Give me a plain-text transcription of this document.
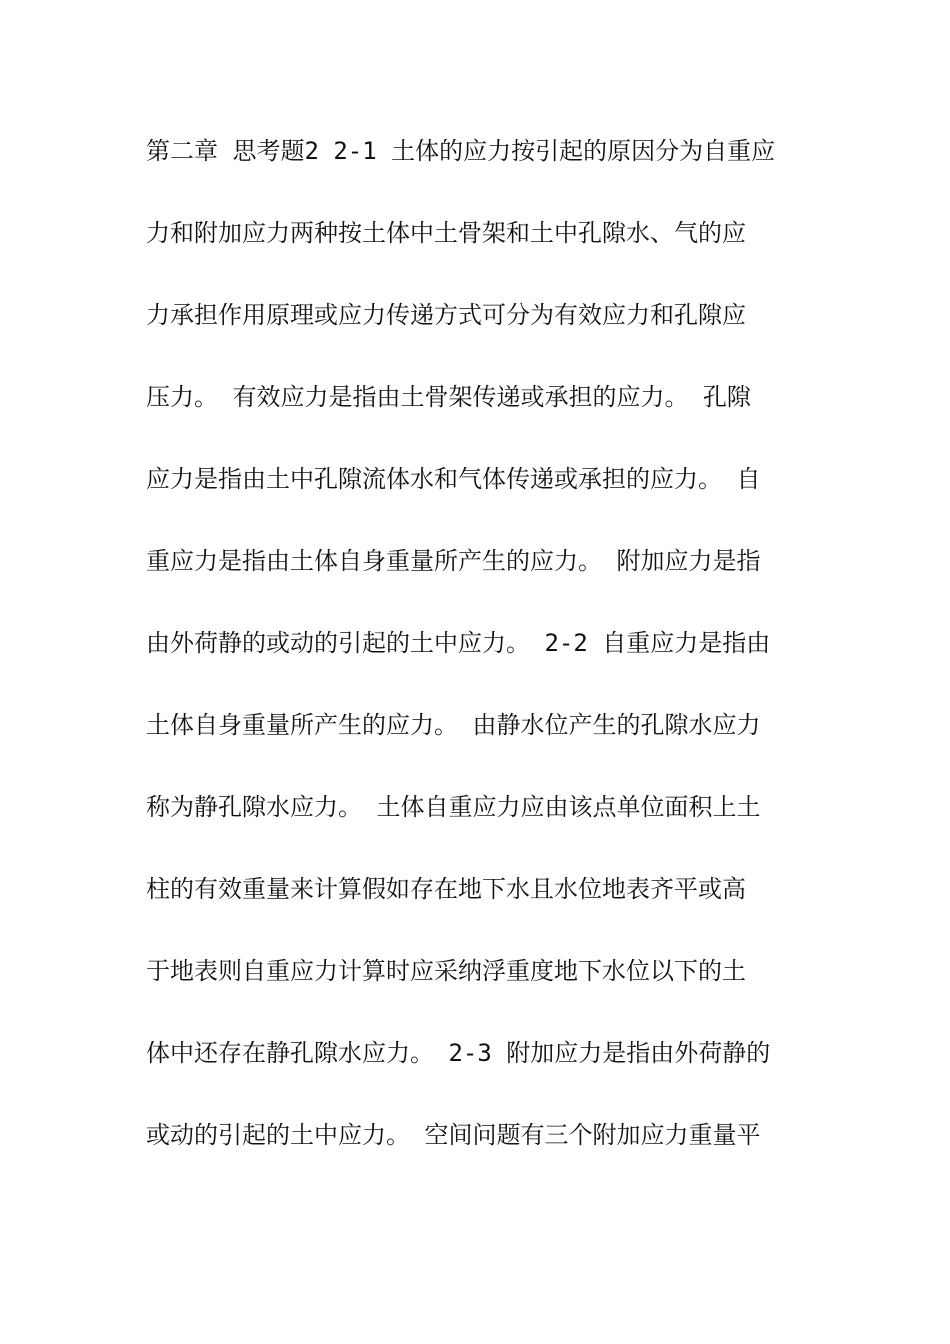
第二章 思考题2 2-1 土体的应力按引起的原因分为自重应
力和附加应力两种按土体中土骨架和土中孔隙水、气的应
力承担作用原理或应力传递方式可分为有效应力和孔隙应
压力。 有效应力是指由土骨架传递或承担的应力。 孔隙
应力是指由土中孔隙流体水和气体传递或承担的应力。 自
重应力是指由土体自身重量所产生的应力。 附加应力是指
由外荷静的或动的引起的土中应力。 2-2 自重应力是指由
土体自身重量所产生的应力。 由静水位产生的孔隙水应力
称为静孔隙水应力。 土体自重应力应由该点单位面积上土
柱的有效重量来计算假如存在地下水且水位地表齐平或高
于地表则自重应力计算时应采纳浮重度地下水位以下的土
体中还存在静孔隙水应力。 2-3 附加应力是指由外荷静的
或动的引起的土中应力。 空间问题有三个附加应力重量平
